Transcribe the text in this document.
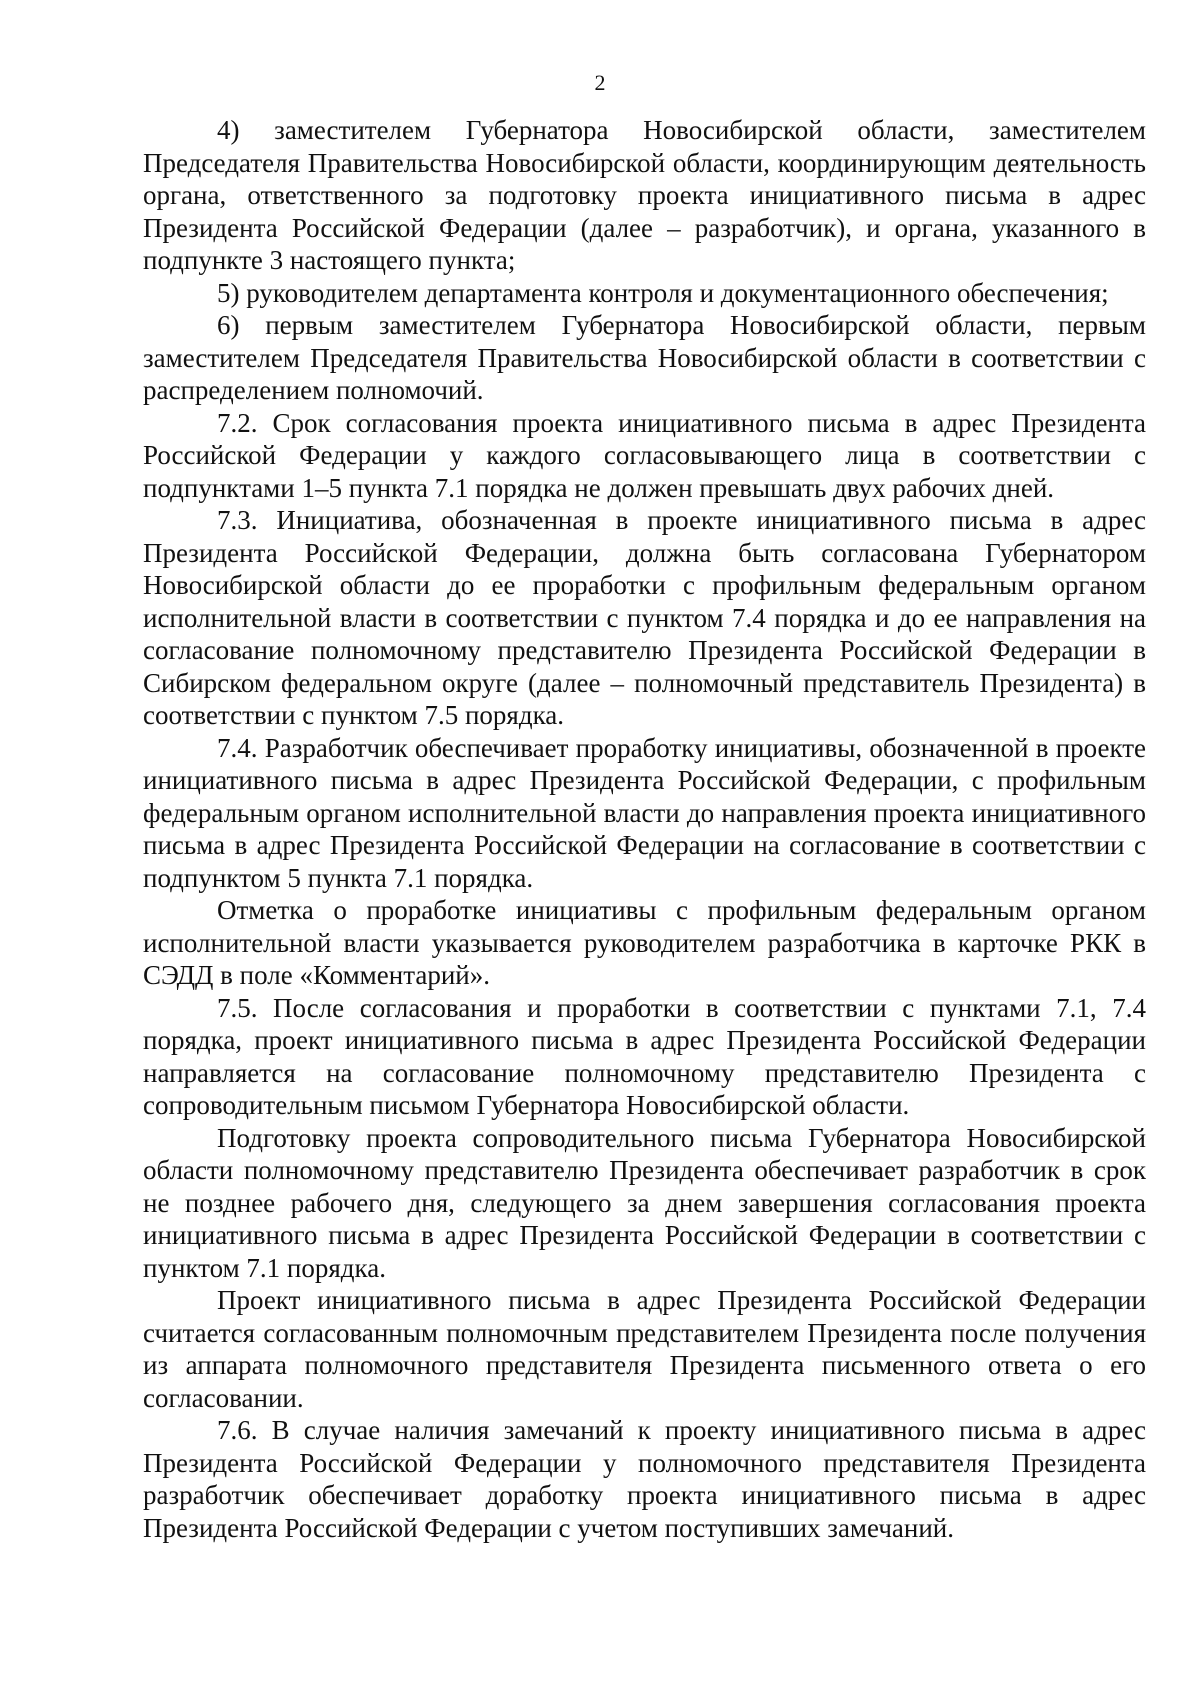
2

4) заместителем Губернатора Новосибирской области, заместителем Председателя Правительства Новосибирской области, координирующим деятельность органа, ответственного за подготовку проекта инициативного письма в адрес Президента Российской Федерации (далее – разработчик), и органа, указанного в подпункте 3 настоящего пункта;

5) руководителем департамента контроля и документационного обеспечения;

6) первым заместителем Губернатора Новосибирской области, первым заместителем Председателя Правительства Новосибирской области в соответствии с распределением полномочий.

7.2. Срок согласования проекта инициативного письма в адрес Президента Российской Федерации у каждого согласовывающего лица в соответствии с подпунктами 1–5 пункта 7.1 порядка не должен превышать двух рабочих дней.

7.3. Инициатива, обозначенная в проекте инициативного письма в адрес Президента Российской Федерации, должна быть согласована Губернатором Новосибирской области до ее проработки с профильным федеральным органом исполнительной власти в соответствии с пунктом 7.4 порядка и до ее направления на согласование полномочному представителю Президента Российской Федерации в Сибирском федеральном округе (далее – полномочный представитель Президента) в соответствии с пунктом 7.5 порядка.

7.4. Разработчик обеспечивает проработку инициативы, обозначенной в проекте инициативного письма в адрес Президента Российской Федерации, с профильным федеральным органом исполнительной власти до направления проекта инициативного письма в адрес Президента Российской Федерации на согласование в соответствии с подпунктом 5 пункта 7.1 порядка.

Отметка о проработке инициативы с профильным федеральным органом исполнительной власти указывается руководителем разработчика в карточке РКК в СЭДД в поле «Комментарий».

7.5. После согласования и проработки в соответствии с пунктами 7.1, 7.4 порядка, проект инициативного письма в адрес Президента Российской Федерации направляется на согласование полномочному представителю Президента с сопроводительным письмом Губернатора Новосибирской области.

Подготовку проекта сопроводительного письма Губернатора Новосибирской области полномочному представителю Президента обеспечивает разработчик в срок не позднее рабочего дня, следующего за днем завершения согласования проекта инициативного письма в адрес Президента Российской Федерации в соответствии с пунктом 7.1 порядка.

Проект инициативного письма в адрес Президента Российской Федерации считается согласованным полномочным представителем Президента после получения из аппарата полномочного представителя Президента письменного ответа о его согласовании.

7.6. В случае наличия замечаний к проекту инициативного письма в адрес Президента Российской Федерации у полномочного представителя Президента разработчик обеспечивает доработку проекта инициативного письма в адрес Президента Российской Федерации с учетом поступивших замечаний.
